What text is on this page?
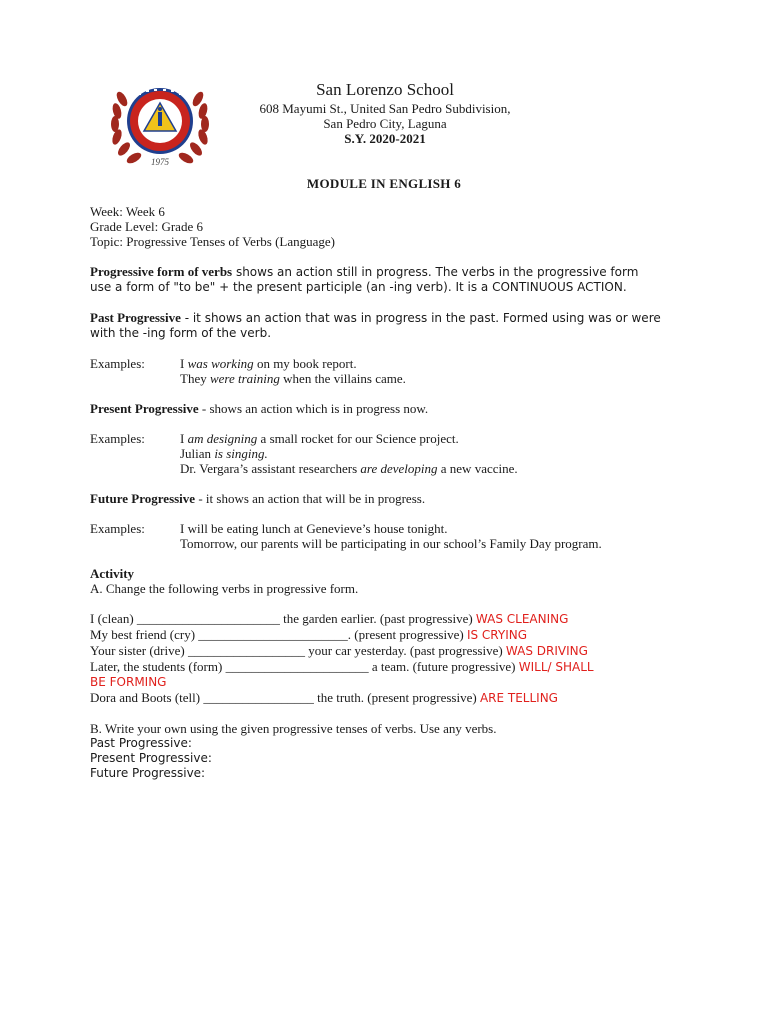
1975
San Lorenzo School
608 Mayumi St., United San Pedro Subdivision,
San Pedro City, Laguna
S.Y. 2020-2021
MODULE IN ENGLISH 6
Week: Week 6
Grade Level: Grade 6
Topic: Progressive Tenses of Verbs (Language)
Progressive form of verbs shows an action still in progress. The verbs in the progressive form
use a form of "to be" + the present participle (an -ing verb). It is a CONTINUOUS ACTION.
Past Progressive - it shows an action that was in progress in the past. Formed using was or were
with the -ing form of the verb.
Examples:	I was working on my book report.
They were training when the villains came.
Present Progressive - shows an action which is in progress now.
Examples:	I am designing a small rocket for our Science project.
Julian is singing.
Dr. Vergara’s assistant researchers are developing a new vaccine.
Future Progressive - it shows an action that will be in progress.
Examples:	I will be eating lunch at Genevieve’s house tonight.
Tomorrow, our parents will be participating in our school’s Family Day program.
Activity
A. Change the following verbs in progressive form.
I (clean) ______________________ the garden earlier. (past progressive) WAS CLEANING
My best friend (cry) _______________________. (present progressive) IS CRYING
Your sister (drive) __________________ your car yesterday. (past progressive) WAS DRIVING
Later, the students (form) ______________________ a team. (future progressive) WILL/ SHALL
BE FORMING
Dora and Boots (tell) _________________ the truth. (present progressive) ARE TELLING
B. Write your own using the given progressive tenses of verbs. Use any verbs.
Past Progressive:
Present Progressive:
Future Progressive:
